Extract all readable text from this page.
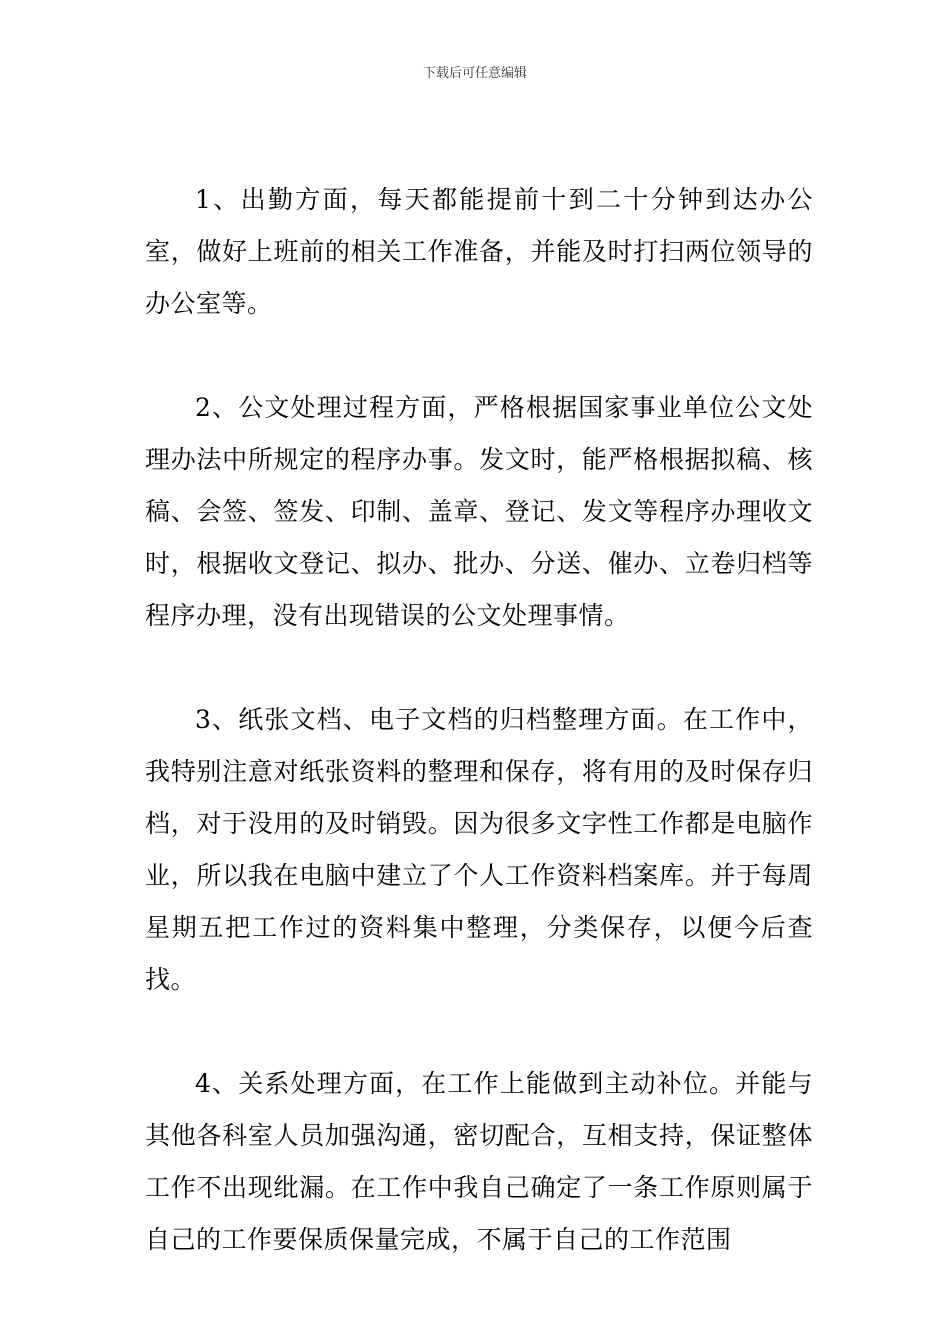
下载后可任意编辑

1、出勤方面，每天都能提前十到二十分钟到达办公室，做好上班前的相关工作准备，并能及时打扫两位领导的办公室等。

2、公文处理过程方面，严格根据国家事业单位公文处理办法中所规定的程序办事。发文时，能严格根据拟稿、核稿、会签、签发、印制、盖章、登记、发文等程序办理收文时，根据收文登记、拟办、批办、分送、催办、立卷归档等程序办理，没有出现错误的公文处理事情。

3、纸张文档、电子文档的归档整理方面。在工作中，我特别注意对纸张资料的整理和保存，将有用的及时保存归档，对于没用的及时销毁。因为很多文字性工作都是电脑作业，所以我在电脑中建立了个人工作资料档案库。并于每周星期五把工作过的资料集中整理，分类保存，以便今后查找。

4、关系处理方面，在工作上能做到主动补位。并能与其他各科室人员加强沟通，密切配合，互相支持，保证整体工作不出现纰漏。在工作中我自己确定了一条工作原则属于自己的工作要保质保量完成，不属于自己的工作范围
